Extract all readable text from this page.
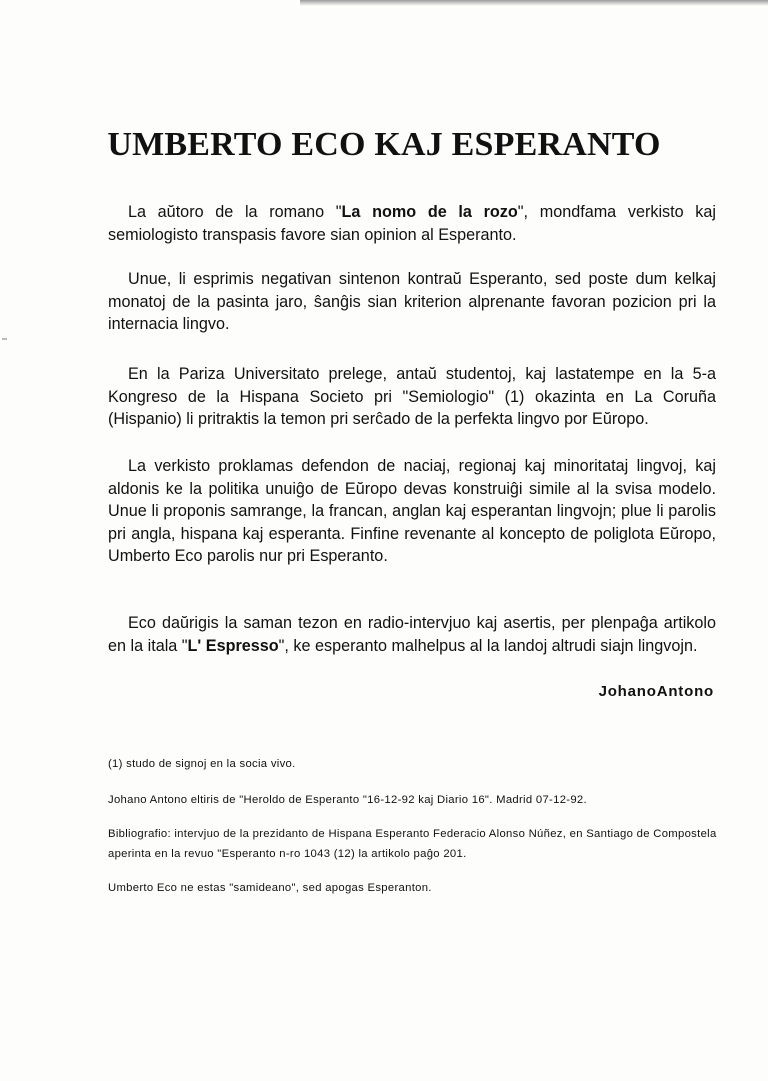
UMBERTO ECO KAJ ESPERANTO

La aŭtoro de la romano "La nomo de la rozo", mondfama verkisto kaj semiologisto transpasis favore sian opinion al Esperanto.

Unue, li esprimis negativan sintenon kontraŭ Esperanto, sed poste dum kelkaj monatoj de la pasinta jaro, ŝanĝis sian kriterion alprenante favoran pozicion pri la internacia lingvo.

En la Pariza Universitato prelege, antaŭ studentoj, kaj lastatempe en la 5-a Kongreso de la Hispana Societo pri "Semiologio" (1) okazinta en La Coruña (Hispanio) li pritraktis la temon pri serĉado de la perfekta lingvo por Eŭropo.

La verkisto proklamas defendon de naciaj, regionaj kaj minoritataj lingvoj, kaj aldonis ke la politika unuiĝo de Eŭropo devas konstruiĝi simile al la svisa modelo. Unue li proponis samrange, la francan, anglan kaj esperantan lingvojn; plue li parolis pri angla, hispana kaj esperanta. Finfine revenante al koncepto de poliglota Eŭropo, Umberto Eco parolis nur pri Esperanto.

Eco daŭrigis la saman tezon en radio-intervjuo kaj asertis, per plenpaĝa artikolo en la itala "L' Espresso", ke esperanto malhelpus al la landoj altrudi siajn lingvojn.

JohanoAntono

(1) studo de signoj en la socia vivo.

Johano Antono eltiris de "Heroldo de Esperanto "16-12-92 kaj Diario 16". Madrid 07-12-92.

Bibliografio: intervjuo de la prezidanto de Hispana Esperanto Federacio Alonso Núñez, en Santiago de Compostela aperinta en la revuo "Esperanto n-ro 1043 (12) la artikolo paĝo 201.

Umberto Eco ne estas "samideano", sed apogas Esperanton.
